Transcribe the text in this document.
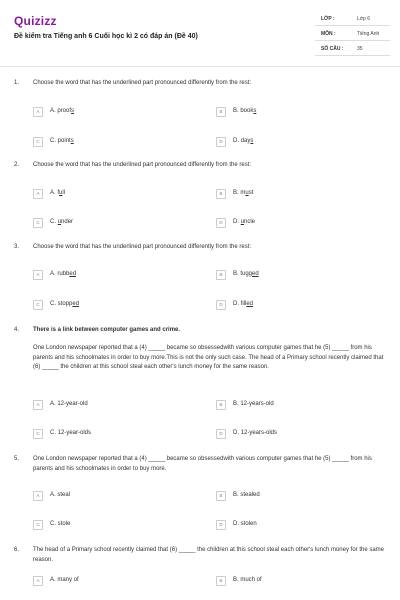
Quizizz
Đề kiểm tra Tiếng anh 6 Cuối học kì 2 có đáp án (Đề 40)
LỚP :	Lớp 6
MÔN :	Tiếng Anh
SỐ CÂU :	35
1. Choose the word that has the underlined part pronounced differently from the rest:
A	A. proofs	B	B. books
C	C. points	D	D. days
2. Choose the word that has the underlined part pronounced differently from the rest:
A	A. full	B	B. must
C	C. under	D	D. uncle
3. Choose the word that has the underlined part pronounced differently from the rest:
A	A. rubbed	B	B. tugged
C	C. stopped	D	D. filled
4. There is a link between computer games and crime.
One London newspaper reported that a (4) _____ became so obsessedwith various computer games that he (5) _____ from his parents and his schoolmates in order to buy more.This is not the only such case. The head of a Primary school recently claimed that (6) _____ the children at this school steal each other's lunch money for the same reason.
A	A. 12-year-old	B	B. 12-years-old
C	C. 12-year-olds	D	D. 12-years-olds
5. One London newspaper reported that a (4) _____ became so obsessedwith various computer games that he (5) _____ from his parents and his schoolmates in order to buy more.
A	A. steal	B	B. stealed
C	C. stole	D	D. stolen
6. The head of a Primary school recently claimed that (6) _____ the children at this school steal each other's lunch money for the same reason.
A	A. many of	B	B. much of
